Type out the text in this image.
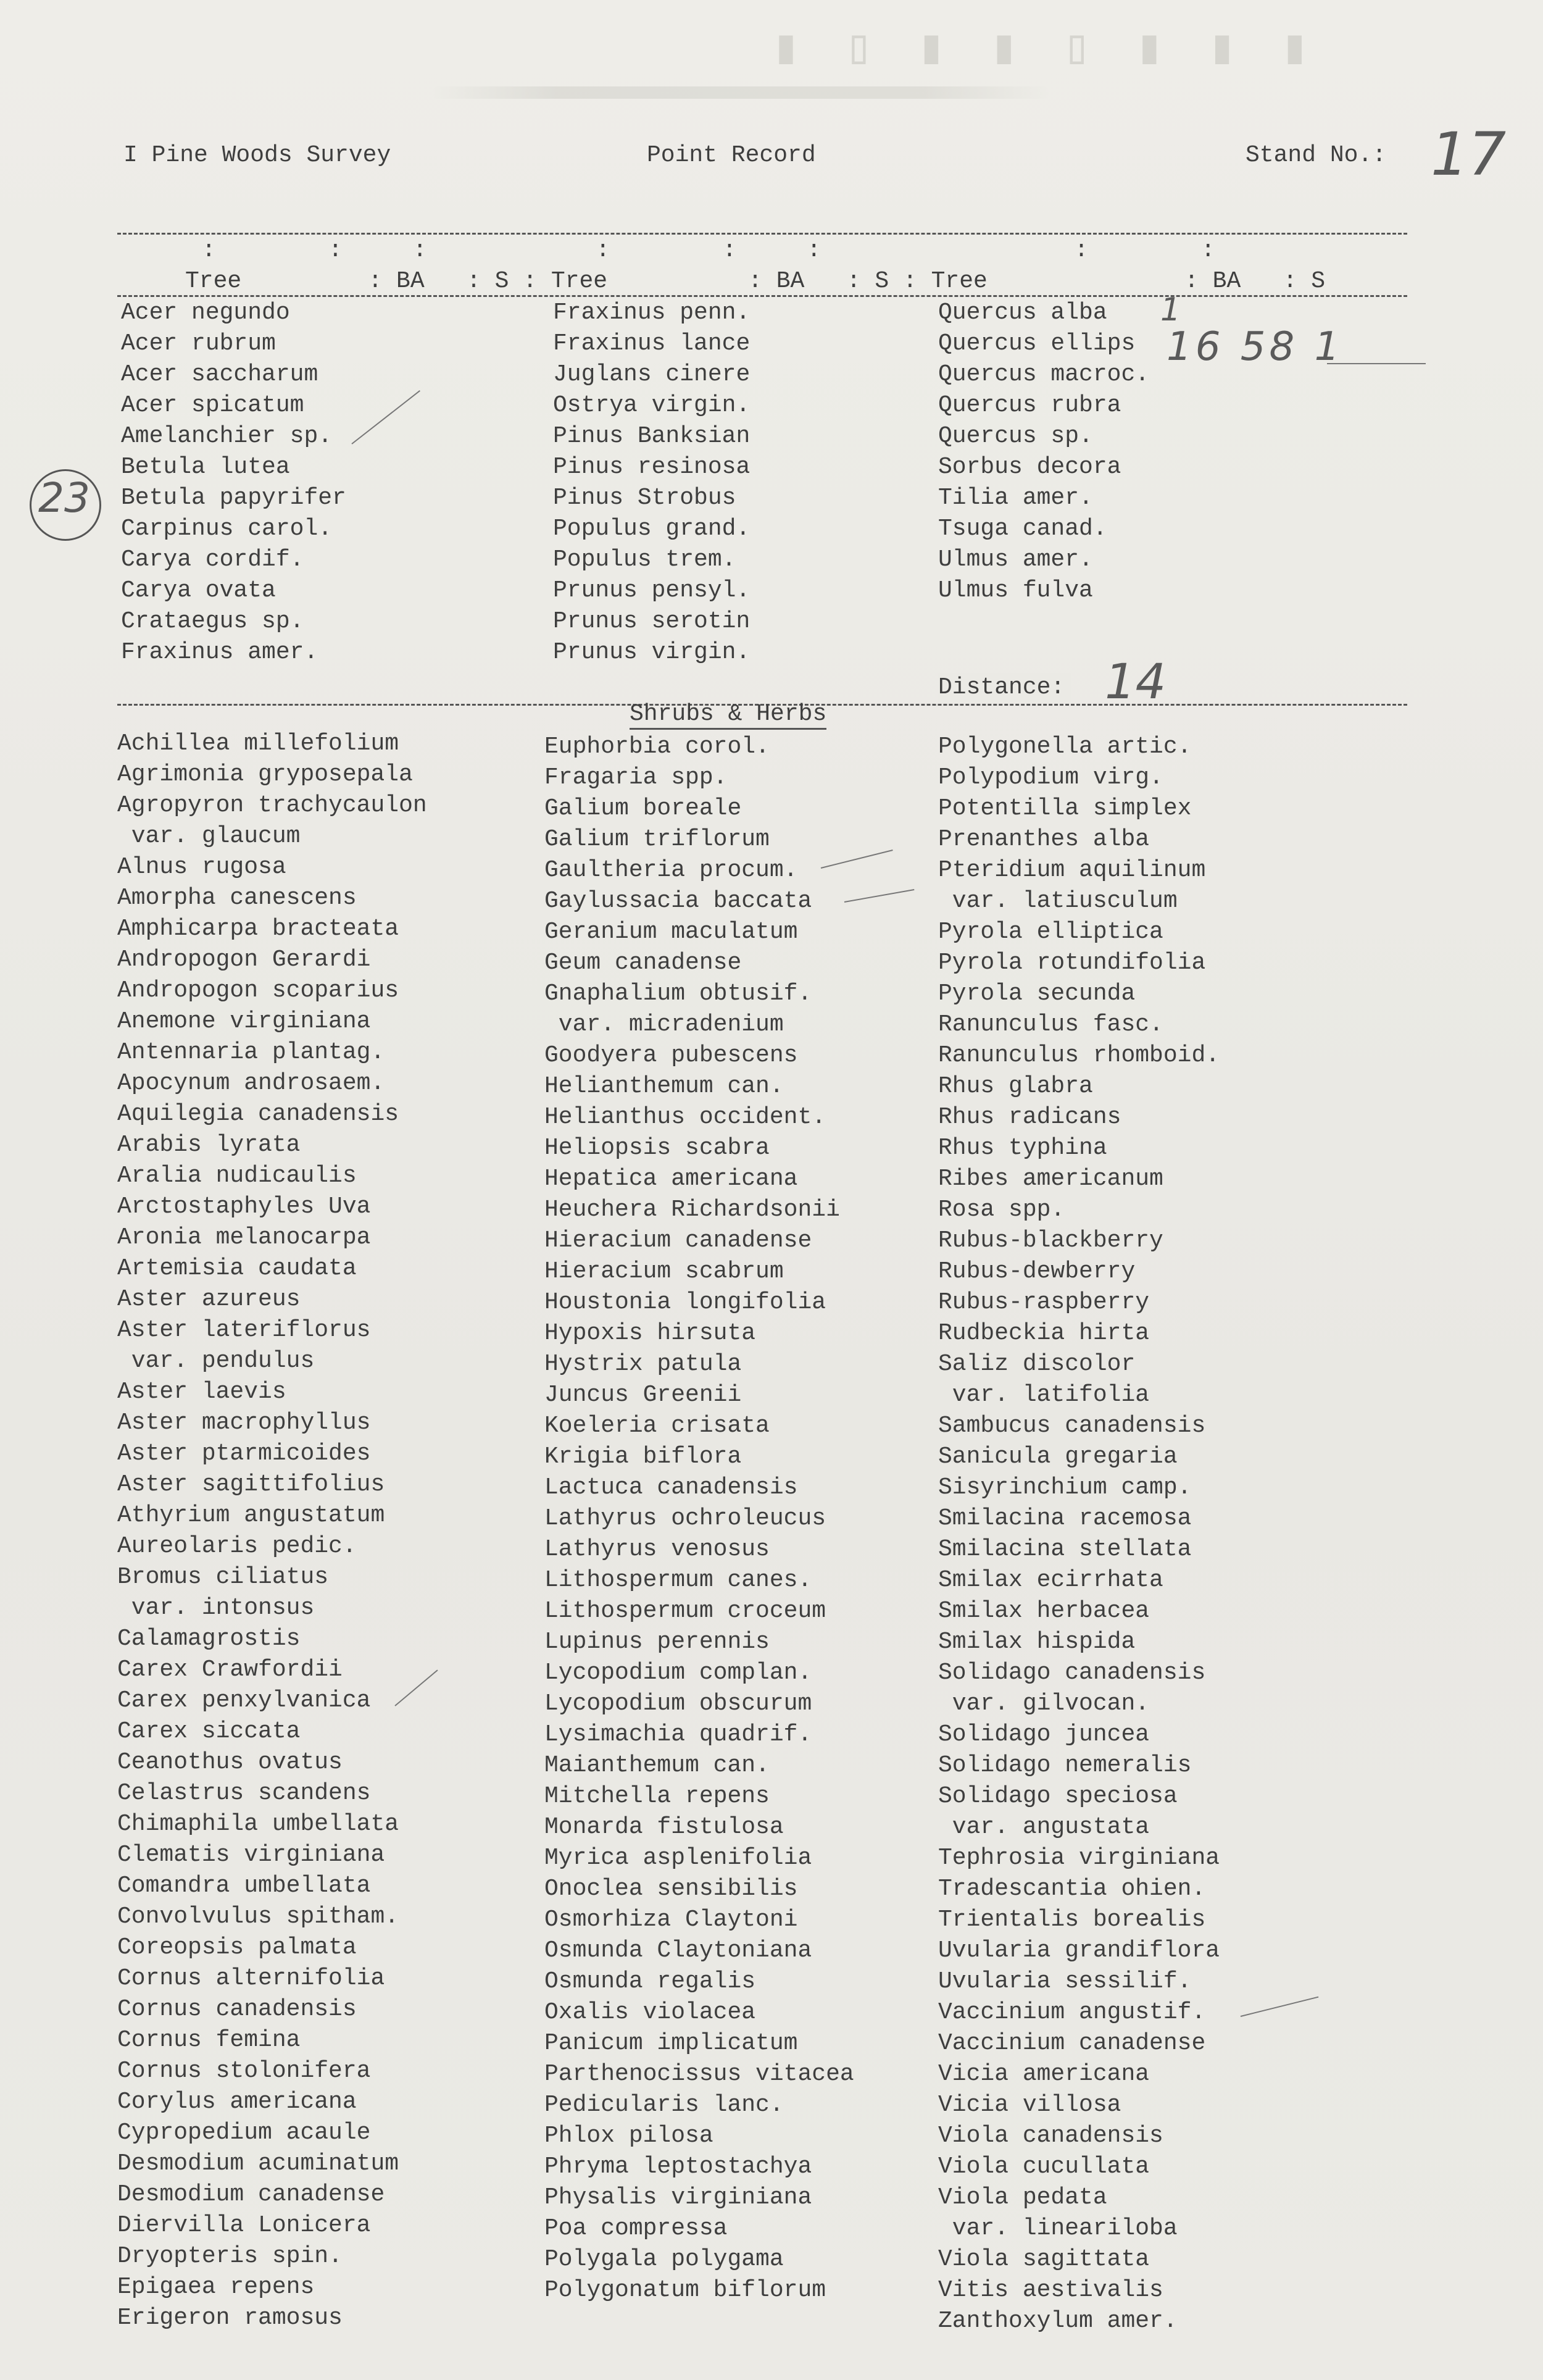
▮ ▯ ▮ ▮ ▯ ▮ ▮ ▮
I Pine Woods Survey	Point Record	Stand No.: 17
:        :     :            :        :     :                  :        :
Tree         : BA   : S : Tree          : BA   : S : Tree              : BA   : S
Acer negundo
Acer rubrum
Acer saccharum
Acer spicatum
Amelanchier sp.
Betula lutea
Betula papyrifer
Carpinus carol.
Carya cordif.
Carya ovata
Crataegus sp.
Fraxinus amer.
Fraxinus penn.
Fraxinus lance
Juglans cinere
Ostrya virgin.
Pinus Banksian
Pinus resinosa
Pinus Strobus
Populus grand.
Populus trem.
Prunus pensyl.
Prunus serotin
Prunus virgin.
Quercus alba
Quercus ellips
Quercus macroc.
Quercus rubra
Quercus sp.
Sorbus decora
Tilia amer.
Tsuga canad.
Ulmus amer.
Ulmus fulva
1
16 58 1
23
Distance: 14
Shrubs & Herbs
Achillea millefolium
Agrimonia gryposepala
Agropyron trachycaulon
var. glaucum
Alnus rugosa
Amorpha canescens
Amphicarpa bracteata
Andropogon Gerardi
Andropogon scoparius
Anemone virginiana
Antennaria plantag.
Apocynum androsaem.
Aquilegia canadensis
Arabis lyrata
Aralia nudicaulis
Arctostaphyles Uva
Aronia melanocarpa
Artemisia caudata
Aster azureus
Aster lateriflorus
var. pendulus
Aster laevis
Aster macrophyllus
Aster ptarmicoides
Aster sagittifolius
Athyrium angustatum
Aureolaris pedic.
Bromus ciliatus
var. intonsus
Calamagrostis
Carex Crawfordii
Carex penxylvanica
Carex siccata
Ceanothus ovatus
Celastrus scandens
Chimaphila umbellata
Clematis virginiana
Comandra umbellata
Convolvulus spitham.
Coreopsis palmata
Cornus alternifolia
Cornus canadensis
Cornus femina
Cornus stolonifera
Corylus americana
Cypropedium acaule
Desmodium acuminatum
Desmodium canadense
Diervilla Lonicera
Dryopteris spin.
Epigaea repens
Erigeron ramosus
Euphorbia corol.
Fragaria spp.
Galium boreale
Galium triflorum
Gaultheria procum.
Gaylussacia baccata
Geranium maculatum
Geum canadense
Gnaphalium obtusif.
var. micradenium
Goodyera pubescens
Helianthemum can.
Helianthus occident.
Heliopsis scabra
Hepatica americana
Heuchera Richardsonii
Hieracium canadense
Hieracium scabrum
Houstonia longifolia
Hypoxis hirsuta
Hystrix patula
Juncus Greenii
Koeleria crisata
Krigia biflora
Lactuca canadensis
Lathyrus ochroleucus
Lathyrus venosus
Lithospermum canes.
Lithospermum croceum
Lupinus perennis
Lycopodium complan.
Lycopodium obscurum
Lysimachia quadrif.
Maianthemum can.
Mitchella repens
Monarda fistulosa
Myrica asplenifolia
Onoclea sensibilis
Osmorhiza Claytoni
Osmunda Claytoniana
Osmunda regalis
Oxalis violacea
Panicum implicatum
Parthenocissus vitacea
Pedicularis lanc.
Phlox pilosa
Phryma leptostachya
Physalis virginiana
Poa compressa
Polygala polygama
Polygonatum biflorum
Polygonella artic.
Polypodium virg.
Potentilla simplex
Prenanthes alba
Pteridium aquilinum
var. latiusculum
Pyrola elliptica
Pyrola rotundifolia
Pyrola secunda
Ranunculus fasc.
Ranunculus rhomboid.
Rhus glabra
Rhus radicans
Rhus typhina
Ribes americanum
Rosa spp.
Rubus-blackberry
Rubus-dewberry
Rubus-raspberry
Rudbeckia hirta
Saliz discolor
var. latifolia
Sambucus canadensis
Sanicula gregaria
Sisyrinchium camp.
Smilacina racemosa
Smilacina stellata
Smilax ecirrhata
Smilax herbacea
Smilax hispida
Solidago canadensis
var. gilvocan.
Solidago juncea
Solidago nemeralis
Solidago speciosa
var. angustata
Tephrosia virginiana
Tradescantia ohien.
Trientalis borealis
Uvularia grandiflora
Uvularia sessilif.
Vaccinium angustif.
Vaccinium canadense
Vicia americana
Vicia villosa
Viola canadensis
Viola cucullata
Viola pedata
var. lineariloba
Viola sagittata
Vitis aestivalis
Zanthoxylum amer.
